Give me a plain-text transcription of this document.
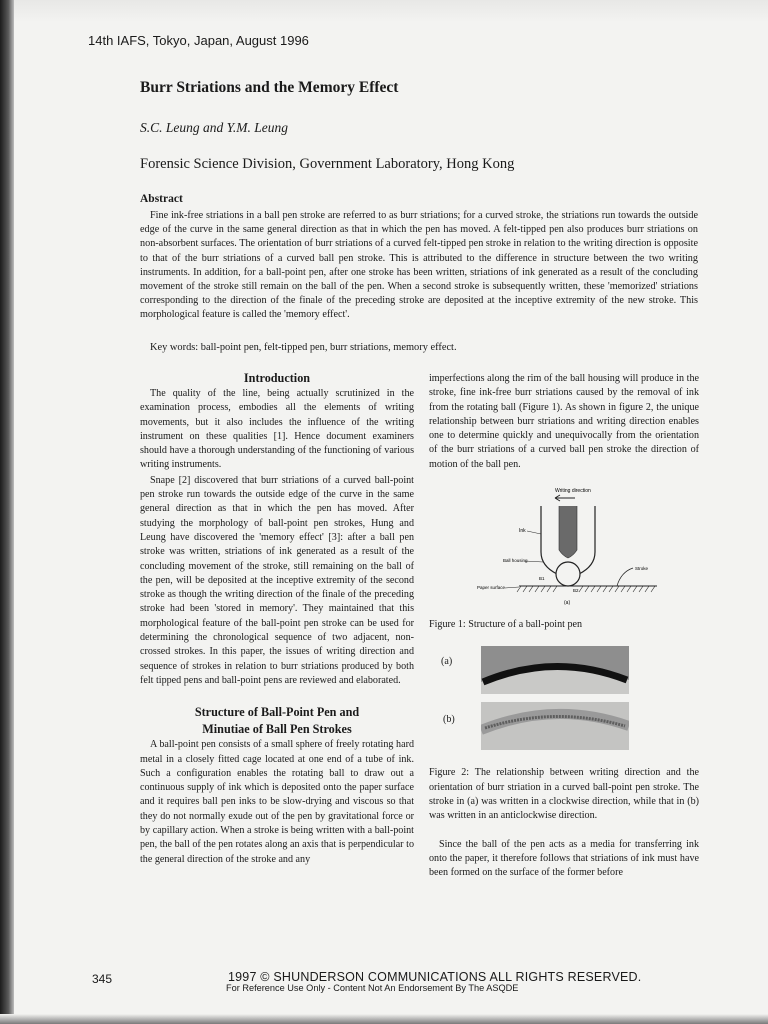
14th IAFS, Tokyo, Japan, August 1996
Burr Striations and the Memory Effect
S.C. Leung and Y.M. Leung
Forensic Science Division, Government Laboratory, Hong Kong
Abstract
Fine ink-free striations in a ball pen stroke are referred to as burr striations; for a curved stroke, the striations run towards the outside edge of the curve in the same general direction as that in which the pen has moved. A felt-tipped pen also produces burr striations on non-absorbent surfaces. The orientation of burr striations of a curved felt-tipped pen stroke in relation to the writing direction is opposite to that of the burr striations of a curved ball pen stroke. This is attributed to the difference in structure between the two writing instruments. In addition, for a ball-point pen, after one stroke has been written, striations of ink generated as a result of the concluding movement of the stroke still remain on the ball of the pen. When a second stroke is subsequently written, these 'memorized' striations corresponding to the direction of the finale of the preceding stroke are deposited at the inceptive extremity of the new stroke. This morphological feature is called the 'memory effect'.
Key words: ball-point pen, felt-tipped pen, burr striations, memory effect.

Introduction

The quality of the line, being actually scrutinized in the examination process, embodies all the elements of writing movements, but it also includes the influence of the writing instrument on these qualities [1]. Hence document examiners should have a thorough understanding of the functioning of various writing instruments.

Snape [2] discovered that burr striations of a curved ball-point pen stroke run towards the outside edge of the curve in the same general direction as that in which the pen has moved. After studying the morphology of ball-point pen strokes, Hung and Leung have discovered the 'memory effect' [3]: after a ball pen stroke was written, striations of ink generated as a result of the concluding movement of the stroke, still remaining on the ball of the pen, will be deposited at the inceptive extremity of the second stroke as though the writing direction of the finale of the preceding stroke had been 'stored in memory'. They maintained that this morphological feature of the ball-point pen stroke can be used for determining the chronological sequence of two adjacent, non-crossed strokes. In this paper, the issues of writing direction and sequence of strokes in relation to burr striations produced by both felt tipped pens and ball-point pens are reviewed and elaborated.

Structure of Ball-Point Pen and

Minutiae of Ball Pen Strokes

A ball-point pen consists of a small sphere of freely rotating hard metal in a closely fitted cage located at one end of a tube of ink. Such a configuration enables the rotating ball to draw out a continuous supply of ink which is deposited onto the paper surface and it requires ball pen inks to be slow-drying and viscous so that they do not normally exude out of the pen by gravitational force or by capillary action. When a stroke is being written with a ball-point pen, the ball of the pen rotates along an axis that is perpendicular to the general direction of the stroke and any

imperfections along the rim of the ball housing will produce in the stroke, fine ink-free burr striations caused by the removal of ink from the rotating ball (Figure 1). As shown in figure 2, the unique relationship between burr striations and writing direction enables one to determine quickly and unequivocally from the orientation of the burr striations of a curved ball pen stroke the direction of motion of the ball pen.

Writing direction
Ink
Ball housing
B1
B2
Stroke
Paper surface
(a)

Figure 1: Structure of a ball-point pen

(a)
(b)

Figure 2: The relationship between writing direction and the orientation of burr striation in a curved ball-point pen stroke. The stroke in (a) was written in a clockwise direction, while that in (b) was written in an anticlockwise direction.

Since the ball of the pen acts as a media for transferring ink onto the paper, it therefore follows that striations of ink must have been formed on the surface of the former before

345	1997 © SHUNDERSON COMMUNICATIONS ALL RIGHTS RESERVED.
For Reference Use Only - Content Not An Endorsement By The ASQDE
